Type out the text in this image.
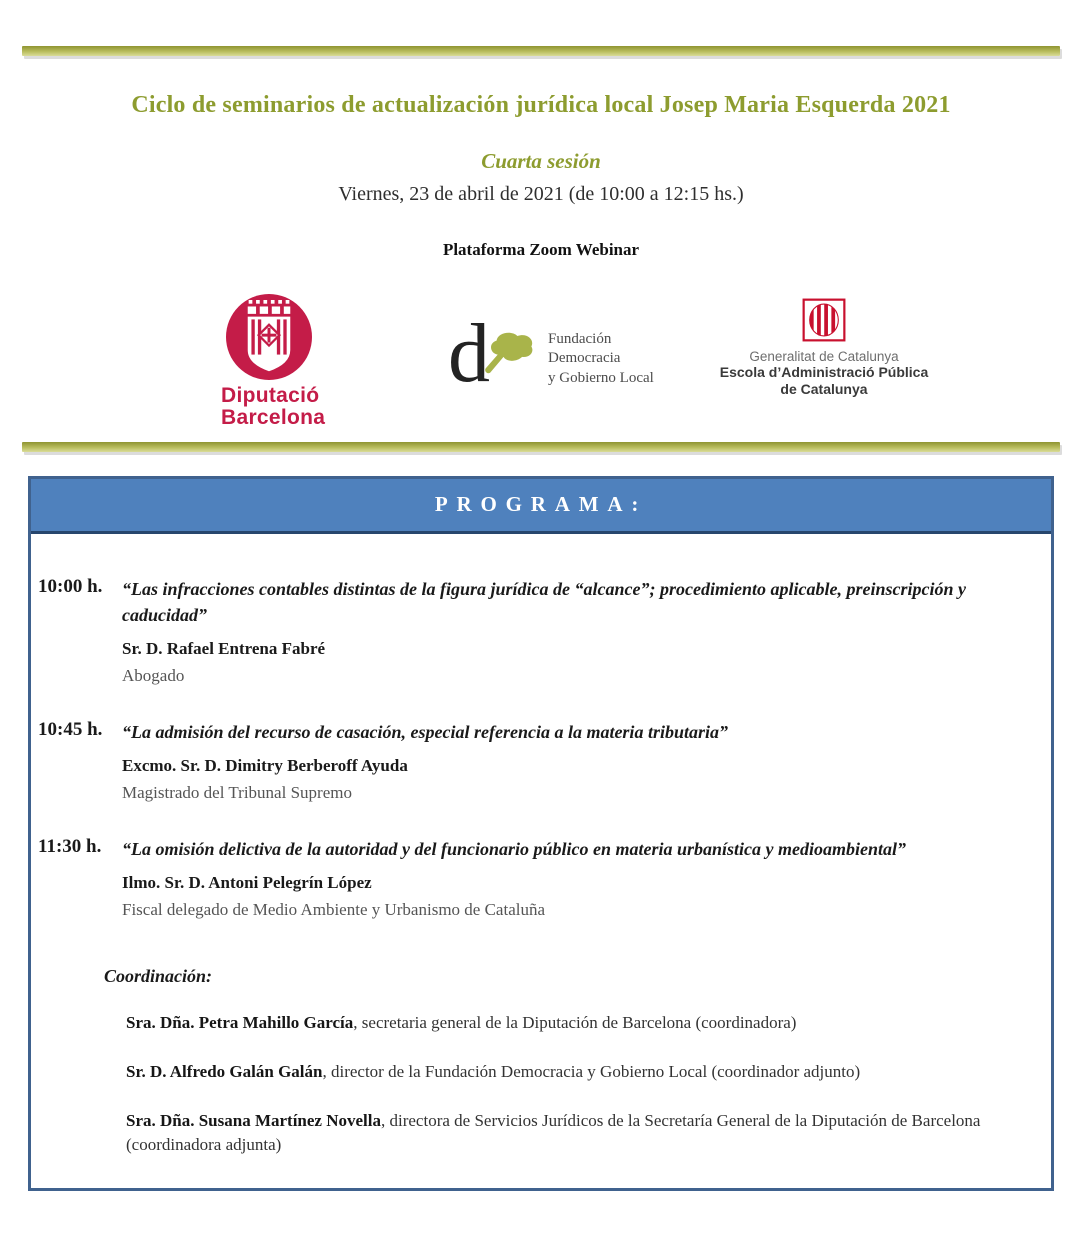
Ciclo de seminarios de actualización jurídica local Josep Maria Esquerda 2021
Cuarta sesión
Viernes, 23 de abril de 2021 (de 10:00 a 12:15 hs.)
Plataforma Zoom Webinar
Diputació
Barcelona
d	Fundación
Democracia
y Gobierno Local
Generalitat de Catalunya
Escola d’Administració Pública
de Catalunya
PROGRAMA:
10:00 h.	“Las infracciones contables distintas de la figura jurídica de “alcance”; procedimiento aplicable, preinscripción y caducidad”
Sr. D. Rafael Entrena Fabré
Abogado
10:45 h.	“La admisión del recurso de casación, especial referencia a la materia tributaria”
Excmo. Sr. D. Dimitry Berberoff Ayuda
Magistrado del Tribunal Supremo
11:30 h.	“La omisión delictiva de la autoridad y del funcionario público en materia urbanística y medioambiental”
Ilmo. Sr. D. Antoni Pelegrín López
Fiscal delegado de Medio Ambiente y Urbanismo de Cataluña
Coordinación:
Sra. Dña. Petra Mahillo García, secretaria general de la Diputación de Barcelona (coordinadora)
Sr. D. Alfredo Galán Galán, director de la Fundación Democracia y Gobierno Local (coordinador adjunto)
Sra. Dña. Susana Martínez Novella, directora de Servicios Jurídicos de la Secretaría General de la Diputación de Barcelona (coordinadora adjunta)
